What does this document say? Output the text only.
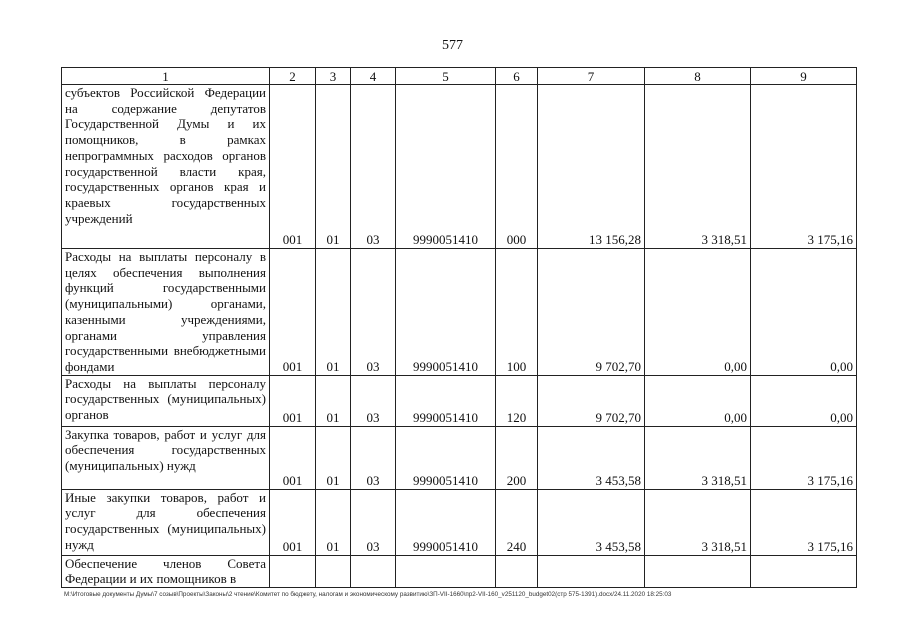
577
1	2	3	4	5	6	7	8	9
субъектов Российской Федерации на содержание депутатов Государственной Думы и их помощников, в рамках непрограммных расходов органов государственной власти края, государственных органов края и краевых государственных учреждений	001	01	03	9990051410	000	13 156,28	3 318,51	3 175,16
Расходы на выплаты персоналу в целях обеспечения выполнения функций государственными (муниципальными) органами, казенными учреждениями, органами управления государственными внебюджетными фондами	001	01	03	9990051410	100	9 702,70	0,00	0,00
Расходы на выплаты персоналу государственных (муниципальных) органов	001	01	03	9990051410	120	9 702,70	0,00	0,00
Закупка товаров, работ и услуг для обеспечения государственных (муниципальных) нужд	001	01	03	9990051410	200	3 453,58	3 318,51	3 175,16
Иные закупки товаров, работ и услуг для обеспечения государственных (муниципальных) нужд	001	01	03	9990051410	240	3 453,58	3 318,51	3 175,16
Обеспечение членов Совета Федерации и их помощников в								
М:\Итоговые документы Думы\7 созыв\Проекты\Законы\2 чтение\Комитет по бюджету, налогам и экономическому развитию\ЗП-VII-1660\пр2-VII-160_v251120_budget02(стр 575-1391).docx/24.11.2020 18:25:03
